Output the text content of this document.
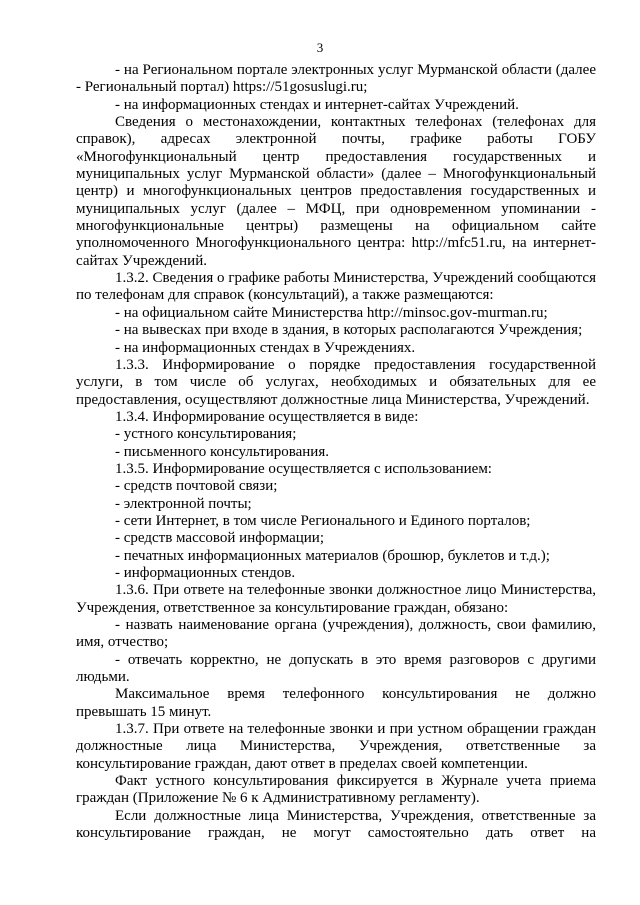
3

- на Региональном портале электронных услуг Мурманской области (далее - Региональный портал) https://51gosuslugi.ru;

- на информационных стендах и интернет-сайтах Учреждений.

Сведения о местонахождении, контактных телефонах (телефонах для справок), адресах электронной почты, графике работы ГОБУ «Многофункциональный центр предоставления государственных и муниципальных услуг Мурманской области» (далее – Многофункциональный центр) и многофункциональных центров предоставления государственных и муниципальных услуг (далее – МФЦ, при одновременном упоминании - многофункциональные центры) размещены на официальном сайте уполномоченного Многофункционального центра: http://mfc51.ru, на интернет-сайтах Учреждений.

1.3.2. Сведения о графике работы Министерства, Учреждений сообщаются по телефонам для справок (консультаций), а также размещаются:

- на официальном сайте Министерства http://minsoc.gov-murman.ru;

- на вывесках при входе в здания, в которых располагаются Учреждения;

- на информационных стендах в Учреждениях.

1.3.3. Информирование о порядке предоставления государственной услуги, в том числе об услугах, необходимых и обязательных для ее предоставления, осуществляют должностные лица Министерства, Учреждений.

1.3.4. Информирование осуществляется в виде:

- устного консультирования;

- письменного консультирования.

1.3.5. Информирование осуществляется с использованием:

- средств почтовой связи;

- электронной почты;

- сети Интернет, в том числе Регионального и Единого порталов;

- средств массовой информации;

- печатных информационных материалов (брошюр, буклетов и т.д.);

- информационных стендов.

1.3.6. При ответе на телефонные звонки должностное лицо Министерства, Учреждения, ответственное за консультирование граждан, обязано:

- назвать наименование органа (учреждения), должность, свои фамилию, имя, отчество;

- отвечать корректно, не допускать в это время разговоров с другими людьми.

Максимальное время телефонного консультирования не должно превышать 15 минут.

1.3.7. При ответе на телефонные звонки и при устном обращении граждан должностные лица Министерства, Учреждения, ответственные за консультирование граждан, дают ответ в пределах своей компетенции.

Факт устного консультирования фиксируется в Журнале учета приема граждан (Приложение № 6 к Административному регламенту).

Если должностные лица Министерства, Учреждения, ответственные за консультирование граждан, не могут самостоятельно дать ответ на
